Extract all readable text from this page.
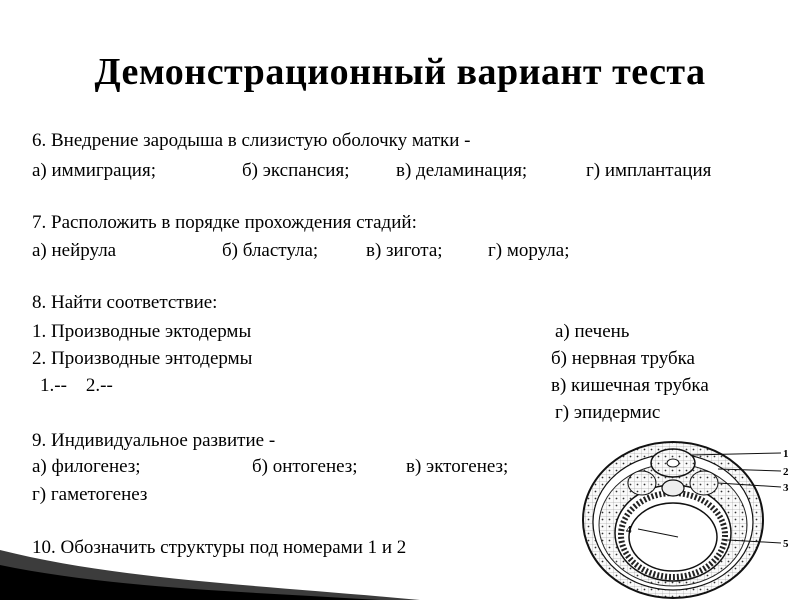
Демонстрационный вариант теста
6. Внедрение зародыша в слизистую оболочку матки -
а) иммиграция;	б) экспансия; в) деламинация;	г) имплантация
7. Расположить в порядке прохождения стадий:
а) нейрула	б) бластула;	в) зигота; г) морула;
8. Найти соответствие:
1. Производные эктодермы	а) печень
2. Производные энтодермы	б) нервная трубка
1.--    2.--	в) кишечная трубка
г) эпидермис
9. Индивидуальное развитие -
а) филогенез;	б) онтогенез;	в) эктогенез;
г) гаметогенез
10. Обозначить структуры под номерами 1 и 2
1
2
3
4
5
